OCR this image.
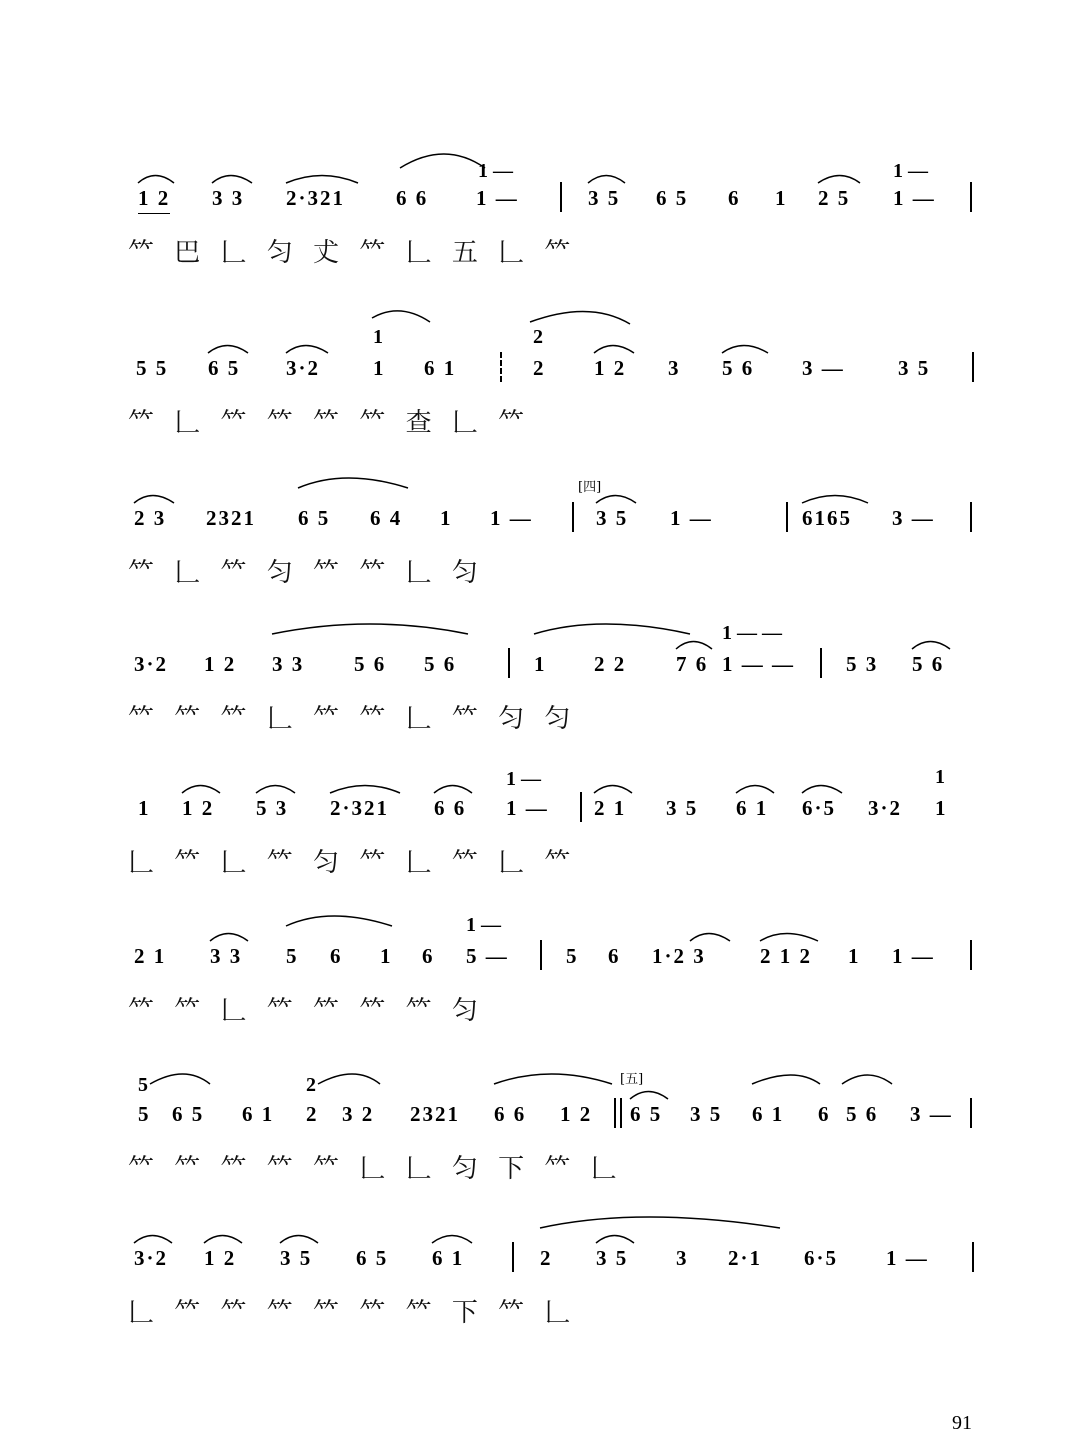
1 —	1 —
1 2 3 3 2·321 6 6 1 —	3 5 6 5 6 1 2 5 1 —
𥫗 巴 𠃊 匀 𠀋 𥫗 𠃊 五 𠃊 𥫗
1	2
5 5 6 5 3·2	1 6 1	2 1 2 3 5 6 3 —	3 5
𥫗 𠃊 𥫗 𥫗 𥫗 𥫗 查 𠃊 𥫗
[四]
2 3 2321 6 5 6 4 1 1 —	3 5 1 —	6165 3 —
𥫗 𠃊 𥫗 匀 𥫗 𥫗 𠃊 匀
1 — —
3·2 1 2 3 3 5 6 5 6	1 2 2 7 6 1 — — 5 3 5 6
𥫗 𥫗 𥫗 𠃊 𥫗 𥫗 𠃊 𥫗 匀 匀
1 —	1
1 1 2 5 3 2·321 6 6 1 — 2 1 3 5 6 1 6·5 3·2 1
𠃊 𥫗 𠃊 𥫗 匀 𥫗 𠃊 𥫗 𠃊 𥫗
1 —
2 1 3 3 5 6 1 6 5 —	5 6 1·2 3	2 1 2 1 1 —
𥫗 𥫗 𠃊 𥫗 𥫗 𥫗 𥫗 匀
5	2	[五]
5 6 5 6 1 2 3 2 2321 6 6 1 2 6 5 3 5 6 1 6 5 6 3 —
𥫗 𥫗 𥫗 𥫗 𥫗 𠃊 𠃊 匀 下 𥫗 𠃊
3·2 1 2 3 5 6 5 6 1	2 3 5 3 2·1 6·5 1 —
𠃊 𥫗 𥫗 𥫗 𥫗 𥫗 𥫗 下 𥫗 𠃊
91
